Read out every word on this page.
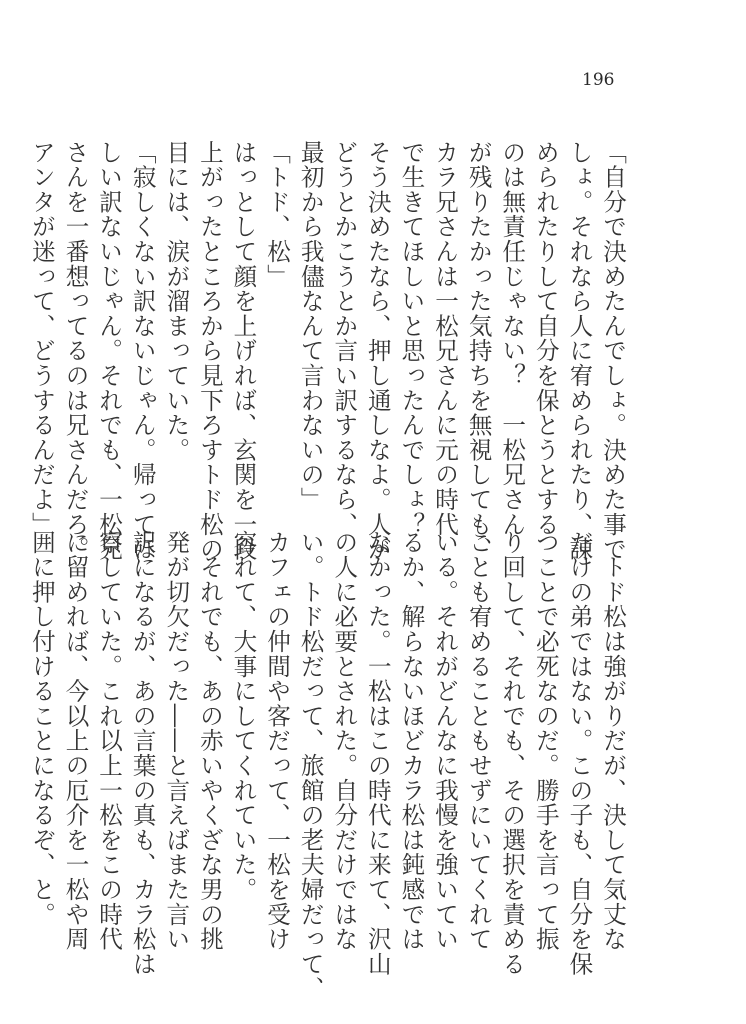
196
「自分で決めたんでしょ。決めた事で
しょ。それなら人に宥められたり、諌
められたりして自分を保とうとする
のは無責任じゃない？　一松兄さん
が残りたかった気持ちを無視しても、
カラ兄さんは一松兄さんに元の時代
で生きてほしいと思ったんでしょ？
そう決めたなら、押し通しなよ。人が
どうとかこうとか言い訳するなら、
最初から我儘なんて言わないの」
「トド、松」
はっとして顔を上げれば、玄関を一段
上がったところから見下ろすトド松の
目には、涙が溜まっていた。
「寂しくない訳ないじゃん。帰ってほ
しい訳ないじゃん。それでも、一松兄
さんを一番想ってるのは兄さんだろ。
アンタが迷って、どうするんだよ」
　トド松は強がりだが、決して気丈な
だけの弟ではない。この子も、自分を保
つことで必死なのだ。勝手を言って振
り回して、それでも、その選択を責める
ことも宥めることもせずにいてくれて
いる。それがどんなに我慢を強いてい
るか、解らないほどカラ松は鈍感では
なかった。一松はこの時代に来て、沢山
の人に必要とされた。自分だけではな
い。トド松だって、旅館の老夫婦だって、
カフェの仲間や客だって、一松を受け
容れて、大事にしてくれていた。
　それでも、あの赤いやくざな男の挑
発が切欠だった――と言えばまた言い
訳になるが、あの言葉の真も、カラ松は
察していた。これ以上一松をこの時代
に留めれば、今以上の厄介を一松や周
囲に押し付けることになるぞ、と。
